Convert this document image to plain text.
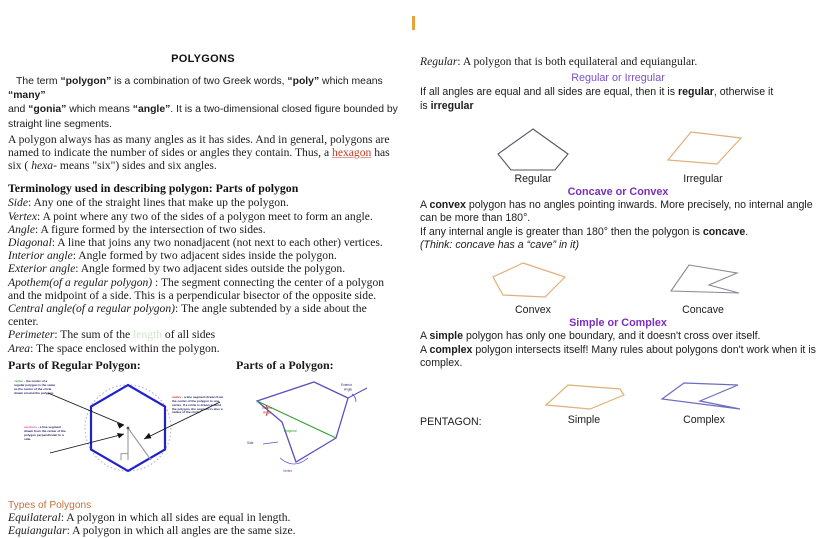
POLYGONS

The term “polygon” is a combination of two Greek words, “poly” which means “many”
and “gonia” which means “angle”. It is a two-dimensional closed figure bounded by
straight line segments.

A polygon always has as many angles as it has sides. And in general, polygons are named to indicate the number of sides or angles they contain. Thus, a hexagon has six ( hexa- means "six") sides and six angles.

Terminology used in describing polygon: Parts of polygon
Side: Any one of the straight lines that make up the polygon.
Vertex: A point where any two of the sides of a polygon meet to form an angle.
Angle: A figure formed by the intersection of two sides.
Diagonal: A line that joins any two nonadjacent (not next to each other) vertices.
Interior angle: Angle formed by two adjacent sides inside the polygon.
Exterior angle: Angle formed by two adjacent sides outside the polygon.
Apothem(of a regular polygon) : The segment connecting the center of a polygon and the midpoint of a side. This is a perpendicular bisector of the opposite side.
Central angle(of a regular polygon): The angle subtended by a side about the center.
Perimeter: The sum of the length of all sides
Area: The space enclosed within the polygon.
Parts of Regular Polygon:	Parts of a Polygon:
center - the center of a regular polygon is the same as the center of the circle drawn around the polygon.
apothem - a line segment drawn from the center of the polygon perpendicular to a side.
radius - a line segment drawn from the center of the polygon to one vertex. If a circle is drawn around the polygon, the segment is also a radius of the circle.
Exterior
Angle
Interior
Angle
Diagonal
Side
Vertex
Types of Polygons
Equilateral: A polygon in which all sides are equal in length.
Equiangular: A polygon in which all angles are the same size.
Regular: A polygon that is both equilateral and equiangular.
Regular or Irregular
If all angles are equal and all sides are equal, then it is regular, otherwise it
is irregular
Regular	Irregular
Concave or Convex
A convex polygon has no angles pointing inwards. More precisely, no internal angle can be more than 180°.
If any internal angle is greater than 180° then the polygon is concave.
(Think: concave has a “cave” in it)
Convex	Concave
Simple or Complex
A simple polygon has only one boundary, and it doesn't cross over itself.
A complex polygon intersects itself! Many rules about polygons don't work when it is complex.
PENTAGON:	Simple	Complex
